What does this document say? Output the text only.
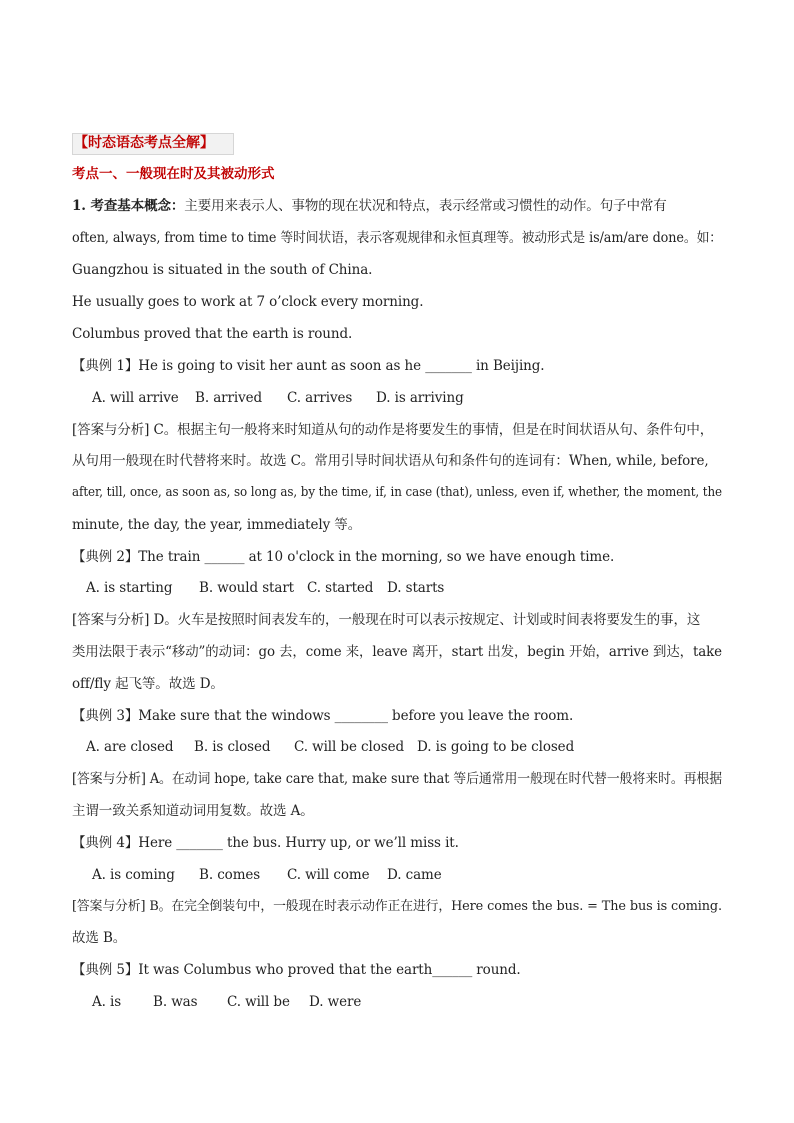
【时态语态考点全解】
考点一、一般现在时及其被动形式
1. 考查基本概念：主要用来表示人、事物的现在状况和特点，表示经常或习惯性的动作。句子中常有
often, always, from time to time 等时间状语，表示客观规律和永恒真理等。被动形式是 is/am/are done。如：
Guangzhou is situated in the south of China.
He usually goes to work at 7 o’clock every morning.
Columbus proved that the earth is round.
【典例 1】He is going to visit her aunt as soon as he _______ in Beijing.
A. will arrive B. arrived C. arrives D. is arriving
[答案与分析] C。根据主句一般将来时知道从句的动作是将要发生的事情，但是在时间状语从句、条件句中，
从句用一般现在时代替将来时。故选 C。常用引导时间状语从句和条件句的连词有：When, while, before,
after, till, once, as soon as, so long as, by the time, if, in case (that), unless, even if, whether, the moment, the
minute, the day, the year, immediately 等。
【典例 2】The train ______ at 10 o'clock in the morning, so we have enough time.
A. is starting B. would start C. started D. starts
[答案与分析] D。火车是按照时间表发车的，一般现在时可以表示按规定、计划或时间表将要发生的事，这
类用法限于表示“移动”的动词：go 去，come 来，leave 离开，start 出发，begin 开始，arrive 到达，take
off/fly 起飞等。故选 D。
【典例 3】Make sure that the windows ________ before you leave the room.
A. are closed B. is closed C. will be closed D. is going to be closed
[答案与分析] A。在动词 hope, take care that, make sure that 等后通常用一般现在时代替一般将来时。再根据
主谓一致关系知道动词用复数。故选 A。
【典例 4】Here _______ the bus. Hurry up, or we’ll miss it.
A. is coming B. comes C. will come D. came
[答案与分析] B。在完全倒装句中，一般现在时表示动作正在进行，Here comes the bus. = The bus is coming.
故选 B。
【典例 5】It was Columbus who proved that the earth______ round.
A. is B. was C. will be D. were
